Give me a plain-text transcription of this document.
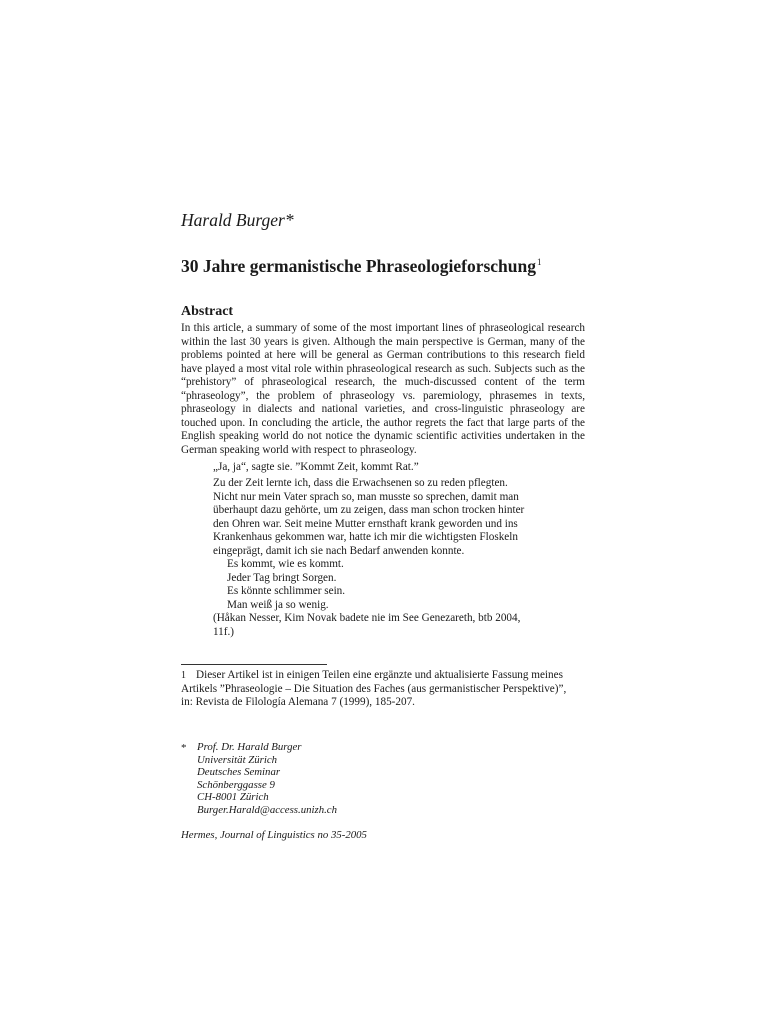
Harald Burger*
30 Jahre germanistische Phraseologieforschung$^1$
Abstract
In this article, a summary of some of the most important lines of phraseological research within the last 30 years is given. Although the main perspective is German, many of the problems pointed at here will be general as German contributions to this research field have played a most vital role within phraseological research as such. Subjects such as the “prehistory” of phraseological research, the much-discussed content of the term “phraseology”, the problem of phraseology vs. paremiology, phrasemes in texts, phraseology in dialects and national varieties, and cross-linguistic phraseology are touched upon. In concluding the article, the author regrets the fact that large parts of the English speaking world do not notice the dynamic scientific activities undertaken in the German speaking world with respect to phraseology.
„Ja, ja“, sagte sie. ”Kommt Zeit, kommt Rat.”
Zu der Zeit lernte ich, dass die Erwachsenen so zu reden pflegten.
Nicht nur mein Vater sprach so, man musste so sprechen, damit man
überhaupt dazu gehörte, um zu zeigen, dass man schon trocken hinter
den Ohren war. Seit meine Mutter ernsthaft krank geworden und ins
Krankenhaus gekommen war, hatte ich mir die wichtigsten Floskeln
eingeprägt, damit ich sie nach Bedarf anwenden konnte.
Es kommt, wie es kommt.
Jeder Tag bringt Sorgen.
Es könnte schlimmer sein.
Man weiß ja so wenig.
(Håkan Nesser, Kim Novak badete nie im See Genezareth, btb 2004,
11f.)
1 Dieser Artikel ist in einigen Teilen eine ergänzte und aktualisierte Fassung meines
Artikels ”Phraseologie – Die Situation des Faches (aus germanistischer Perspektive)”,
in: Revista de Filología Alemana 7 (1999), 185-207.
* Prof. Dr. Harald Burger
Universität Zürich
Deutsches Seminar
Schönberggasse 9
CH-8001 Zürich
Burger.Harald@access.unizh.ch
Hermes, Journal of Linguistics no 35-2005
